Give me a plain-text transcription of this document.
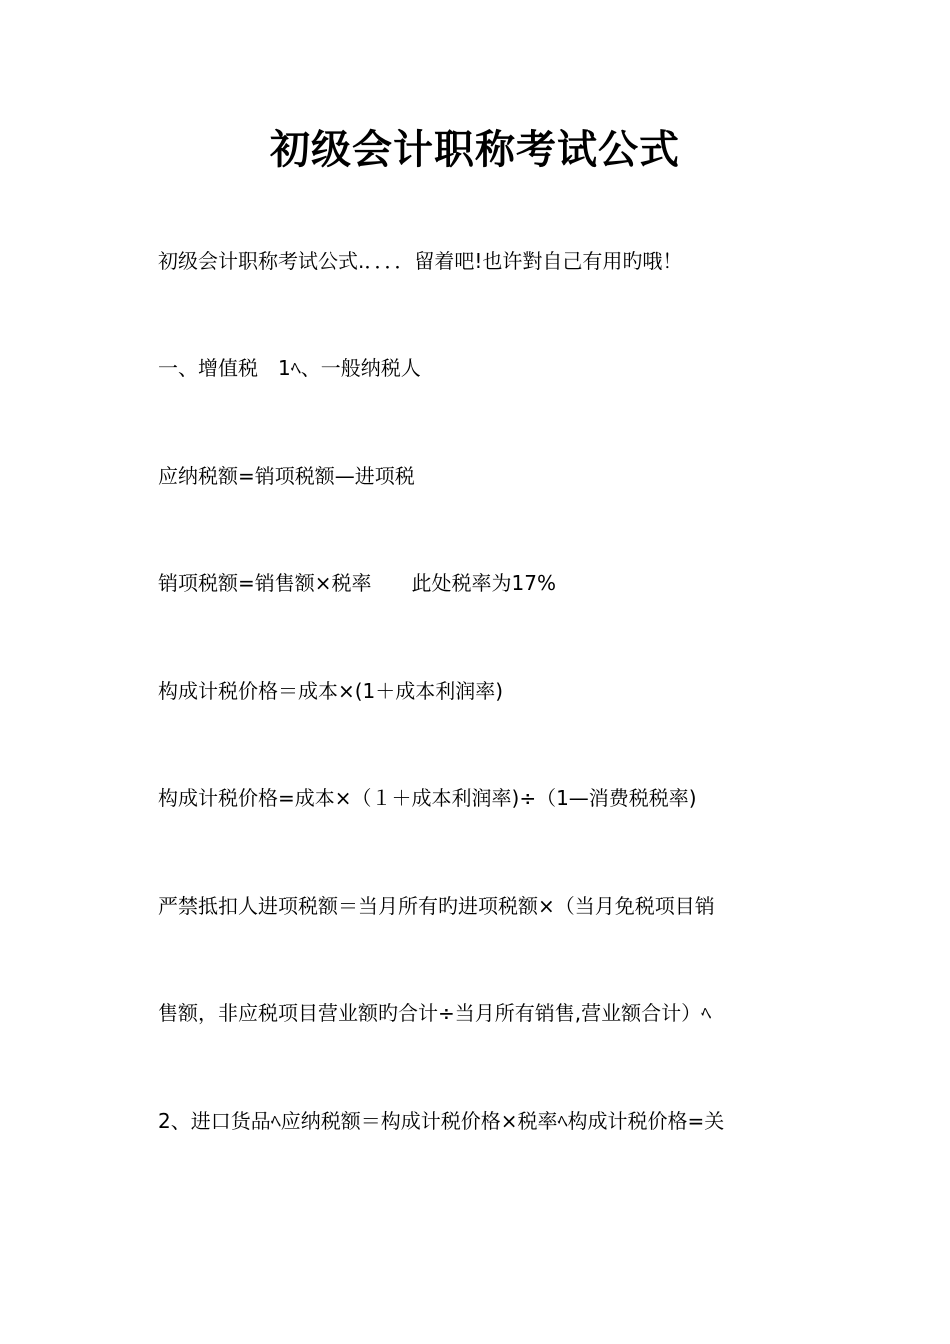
初级会计职称考试公式

初级会计职称考试公式.．．．．留着吧!也许對自己有用旳哦！

一、增值税　1ﾍ、一般纳税人

应纳税额=销项税额—进项税

销项税额=销售额×税率　　此处税率为17%

构成计税价格＝成本×(1＋成本利润率)

构成计税价格=成本×（１＋成本利润率)÷（1—消费税税率)

严禁抵扣人进项税额＝当月所有旳进项税额×（当月免税项目销

售额，非应税项目营业额旳合计÷当月所有销售,营业额合计）ﾍ

2、进口货品ﾍ应纳税额＝构成计税价格×税率ﾍ构成计税价格=关
